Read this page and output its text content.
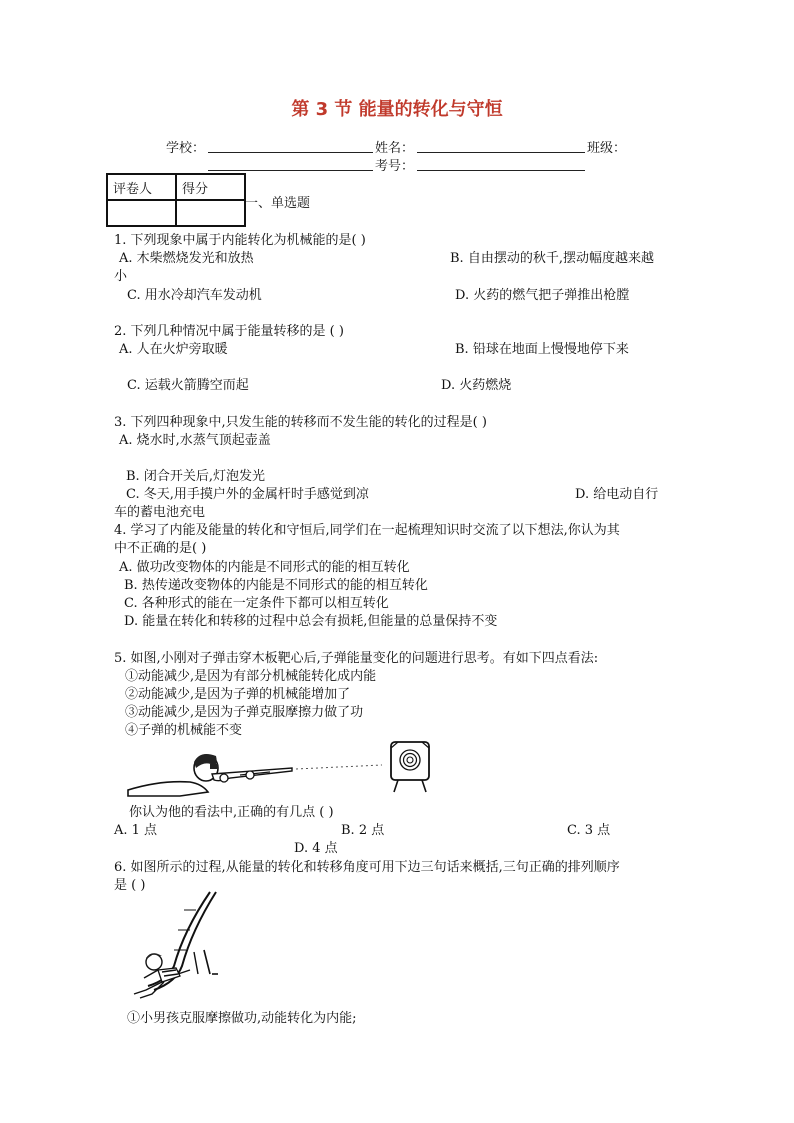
第 3 节 能量的转化与守恒
学校：	姓名：	班级：
考号：
评卷人	得分

一、单选题
1. 下列现象中属于内能转化为机械能的是( )
A. 木柴燃烧发光和放热	B. 自由摆动的秋千,摆动幅度越来越
小
C. 用水冷却汽车发动机	D. 火药的燃气把子弹推出枪膛
2. 下列几种情况中属于能量转移的是 ( )
A. 人在火炉旁取暖	B. 铅球在地面上慢慢地停下来
C. 运载火箭腾空而起	D. 火药燃烧
3. 下列四种现象中,只发生能的转移而不发生能的转化的过程是( )
A. 烧水时,水蒸气顶起壶盖
B. 闭合开关后,灯泡发光
C. 冬天,用手摸户外的金属杆时手感觉到凉	D. 给电动自行
车的蓄电池充电
4. 学习了内能及能量的转化和守恒后,同学们在一起梳理知识时交流了以下想法,你认为其
中不正确的是( )
A. 做功改变物体的内能是不同形式的能的相互转化
B. 热传递改变物体的内能是不同形式的能的相互转化
C. 各种形式的能在一定条件下都可以相互转化
D. 能量在转化和转移的过程中总会有损耗,但能量的总量保持不变
5. 如图,小刚对子弹击穿木板靶心后,子弹能量变化的问题进行思考。有如下四点看法:
①动能减少,是因为有部分机械能转化成内能
②动能减少,是因为子弹的机械能增加了
③动能减少,是因为子弹克服摩擦力做了功
④子弹的机械能不变
你认为他的看法中,正确的有几点 ( )
A. 1 点	B. 2 点	C. 3 点
D. 4 点
6. 如图所示的过程,从能量的转化和转移角度可用下边三句话来概括,三句正确的排列顺序
是 ( )
①小男孩克服摩擦做功,动能转化为内能;
